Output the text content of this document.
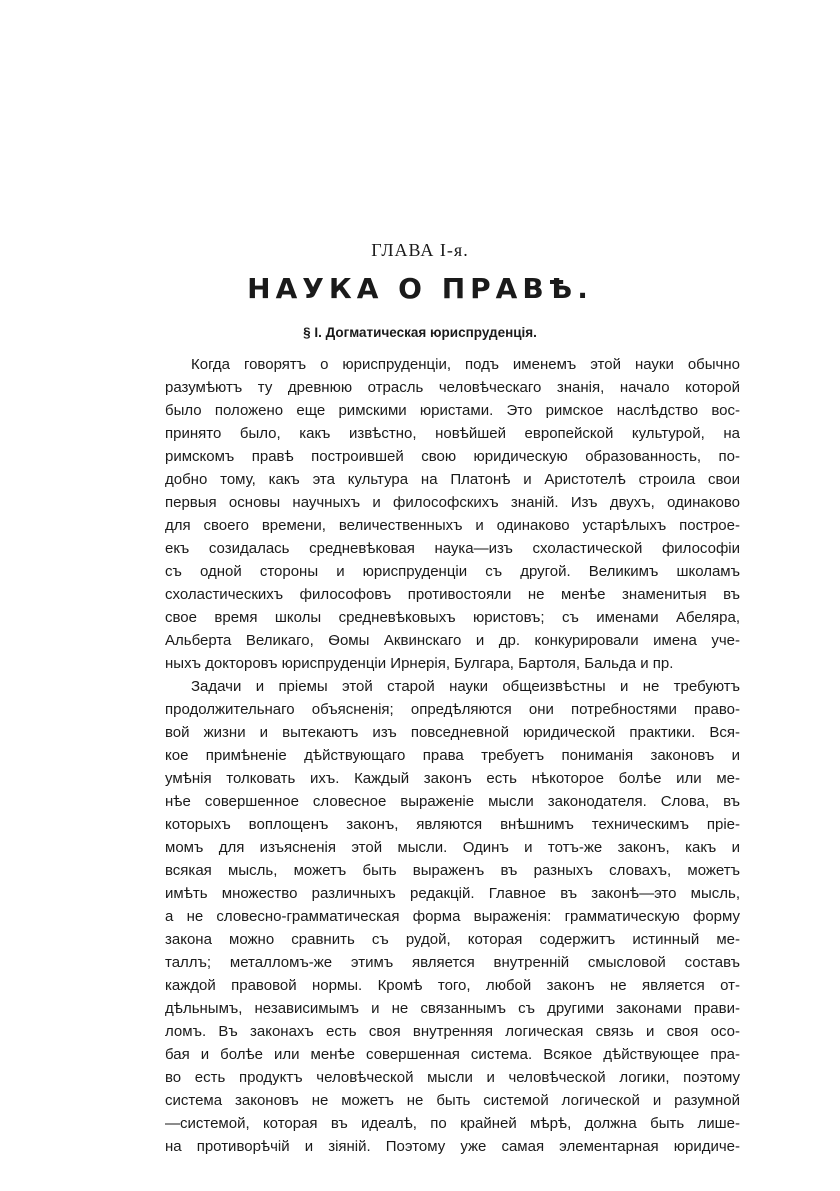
ГЛАВА I-я.
НАУКА О ПРАВѢ.
§ I. Догматическая юриспруденція.
Когда говорятъ о юриспруденціи, подъ именемъ этой науки обычно
разумѣютъ ту древнюю отрасль человѣческаго знанія, начало которой
было положено еще римскими юристами. Это римское наслѣдство вос-
принято было, какъ извѣстно, новѣйшей европейской культурой, на
римскомъ правѣ построившей свою юридическую образованность, по-
добно тому, какъ эта культура на Платонѣ и Аристотелѣ строила свои
первыя основы научныхъ и философскихъ знаній. Изъ двухъ, одинаково
для своего времени, величественныхъ и одинаково устарѣлыхъ построе-
екъ созидалась средневѣковая наука—изъ схоластической философіи
съ одной стороны и юриспруденціи съ другой. Великимъ школамъ
схоластическихъ философовъ противостояли не менѣе знаменитыя въ
свое время школы средневѣковыхъ юристовъ; съ именами Абеляра,
Альберта Великаго, Ѳомы Аквинскаго и др. конкурировали имена уче-
ныхъ докторовъ юриспруденціи Ирнерія, Булгара, Бартоля, Бальда и пр.
Задачи и пріемы этой старой науки общеизвѣстны и не требуютъ
продолжительнаго объясненія; опредѣляются они потребностями право-
вой жизни и вытекаютъ изъ повседневной юридической практики. Вся-
кое примѣненіе дѣйствующаго права требуетъ пониманія законовъ и
умѣнія толковать ихъ. Каждый законъ есть нѣкоторое болѣе или ме-
нѣе совершенное словесное выраженіе мысли законодателя. Слова, въ
которыхъ воплощенъ законъ, являются внѣшнимъ техническимъ пріе-
момъ для изъясненія этой мысли. Одинъ и тотъ-же законъ, какъ и
всякая мысль, можетъ быть выраженъ въ разныхъ словахъ, можетъ
имѣть множество различныхъ редакцій. Главное въ законѣ—это мысль,
а не словесно-грамматическая форма выраженія: грамматическую форму
закона можно сравнить съ рудой, которая содержитъ истинный ме-
таллъ; металломъ-же этимъ является внутренній смысловой составъ
каждой правовой нормы. Кромѣ того, любой законъ не является от-
дѣльнымъ, независимымъ и не связаннымъ съ другими законами прави-
ломъ. Въ законахъ есть своя внутренняя логическая связь и своя осо-
бая и болѣе или менѣе совершенная система. Всякое дѣйствующее пра-
во есть продуктъ человѣческой мысли и человѣческой логики, поэтому
система законовъ не можетъ не быть системой логической и разумной
—системой, которая въ идеалѣ, по крайней мѣрѣ, должна быть лише-
на противорѣчій и зіяній. Поэтому уже самая элементарная юридиче-
